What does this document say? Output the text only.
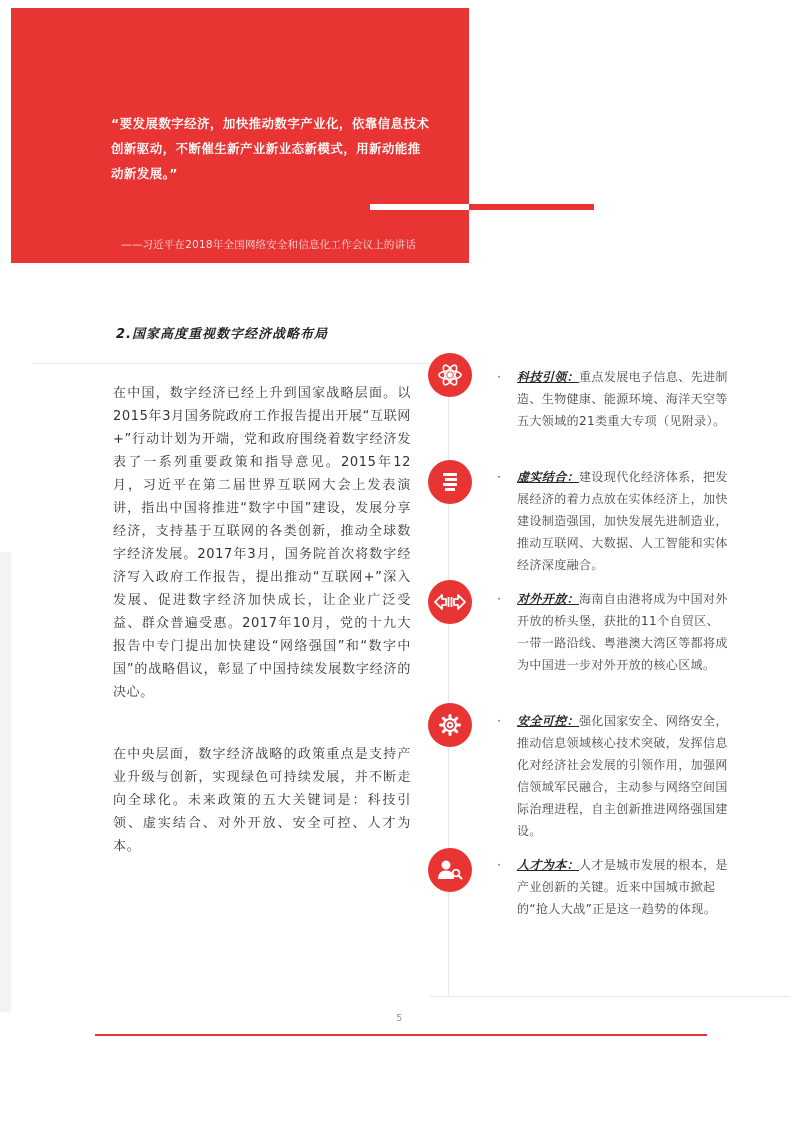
“要发展数字经济，加快推动数字产业化，依靠信息技术创新驱动，不断催生新产业新业态新模式，用新动能推动新发展。”

——习近平在2018年全国网络安全和信息化工作会议上的讲话
2.国家高度重视数字经济战略布局

在中国，数字经济已经上升到国家战略层面。以2015年3月国务院政府工作报告提出开展“互联网+”行动计划为开端，党和政府围绕着数字经济发表了一系列重要政策和指导意见。2015年12月，习近平在第二届世界互联网大会上发表演讲，指出中国将推进“数字中国”建设，发展分享经济，支持基于互联网的各类创新，推动全球数字经济发展。2017年3月，国务院首次将数字经济写入政府工作报告，提出推动“互联网+”深入发展、促进数字经济加快成长，让企业广泛受益、群众普遍受惠。2017年10月，党的十九大报告中专门提出加快建设“网络强国”和“数字中国”的战略倡议，彰显了中国持续发展数字经济的决心。

在中央层面，数字经济战略的政策重点是支持产业升级与创新，实现绿色可持续发展，并不断走向全球化。未来政策的五大关键词是：科技引领、虚实结合、对外开放、安全可控、人才为本。

· 科技引领：重点发展电子信息、先进制造、生物健康、能源环境、海洋天空等五大领域的21类重大专项（见附录）。

· 虚实结合：建设现代化经济体系，把发展经济的着力点放在实体经济上，加快建设制造强国，加快发展先进制造业，推动互联网、大数据、人工智能和实体经济深度融合。

· 对外开放：海南自由港将成为中国对外开放的桥头堡，获批的11个自贸区、一带一路沿线、粤港澳大湾区等都将成为中国进一步对外开放的核心区域。

· 安全可控：强化国家安全、网络安全，推动信息领域核心技术突破，发挥信息化对经济社会发展的引领作用，加强网信领域军民融合，主动参与网络空间国际治理进程，自主创新推进网络强国建设。

· 人才为本：人才是城市发展的根本，是产业创新的关键。近来中国城市掀起的“抢人大战”正是这一趋势的体现。

5
